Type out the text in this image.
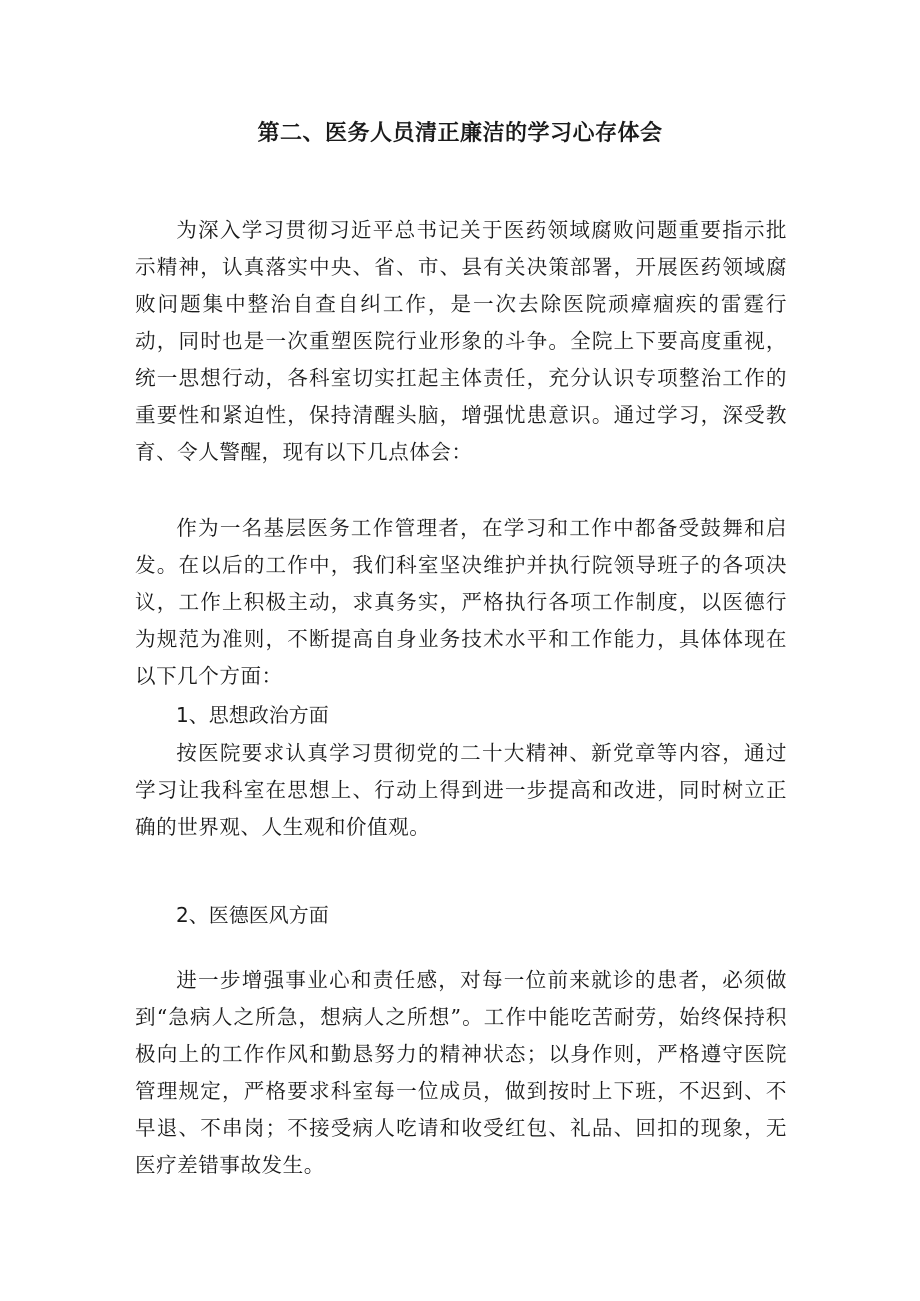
第二、医务人员清正廉洁的学习心存体会

为深入学习贯彻习近平总书记关于医药领域腐败问题重要指示批示精神，认真落实中央、省、市、县有关决策部署，开展医药领域腐败问题集中整治自查自纠工作，是一次去除医院顽瘴痼疾的雷霆行动，同时也是一次重塑医院行业形象的斗争。全院上下要高度重视，统一思想行动，各科室切实扛起主体责任，充分认识专项整治工作的重要性和紧迫性，保持清醒头脑，增强忧患意识。通过学习，深受教育、令人警醒，现有以下几点体会：

作为一名基层医务工作管理者，在学习和工作中都备受鼓舞和启发。在以后的工作中，我们科室坚决维护并执行院领导班子的各项决议，工作上积极主动，求真务实，严格执行各项工作制度，以医德行为规范为准则，不断提高自身业务技术水平和工作能力，具体体现在以下几个方面：

1、思想政治方面

按医院要求认真学习贯彻党的二十大精神、新党章等内容，通过学习让我科室在思想上、行动上得到进一步提高和改进，同时树立正确的世界观、人生观和价值观。

2、医德医风方面

进一步增强事业心和责任感，对每一位前来就诊的患者，必须做到“急病人之所急，想病人之所想”。工作中能吃苦耐劳，始终保持积极向上的工作作风和勤恳努力的精神状态；以身作则，严格遵守医院管理规定，严格要求科室每一位成员，做到按时上下班，不迟到、不早退、不串岗；不接受病人吃请和收受红包、礼品、回扣的现象，无医疗差错事故发生。
